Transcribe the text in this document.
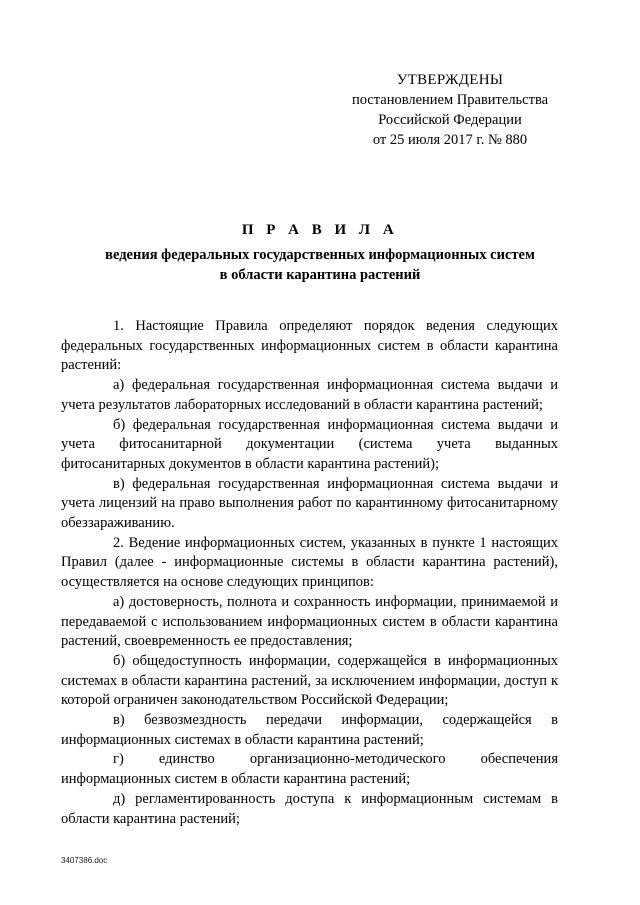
УТВЕРЖДЕНЫ
постановлением Правительства
Российской Федерации
от 25 июля 2017 г. № 880
П Р А В И Л А
ведения федеральных государственных информационных систем
в области карантина растений

1. Настоящие Правила определяют порядок ведения следующих федеральных государственных информационных систем в области карантина растений:

а) федеральная государственная информационная система выдачи и учета результатов лабораторных исследований в области карантина растений;

б) федеральная государственная информационная система выдачи и учета фитосанитарной документации (система учета выданных фитосанитарных документов в области карантина растений);

в) федеральная государственная информационная система выдачи и учета лицензий на право выполнения работ по карантинному фитосанитарному обеззараживанию.

2. Ведение информационных систем, указанных в пункте 1 настоящих Правил (далее - информационные системы в области карантина растений), осуществляется на основе следующих принципов:

а) достоверность, полнота и сохранность информации, принимаемой и передаваемой с использованием информационных систем в области карантина растений, своевременность ее предоставления;

б) общедоступность информации, содержащейся в информационных системах в области карантина растений, за исключением информации, доступ к которой ограничен законодательством Российской Федерации;

в) безвозмездность передачи информации, содержащейся в информационных системах в области карантина растений;

г) единство организационно-методического обеспечения информационных систем в области карантина растений;

д) регламентированность доступа к информационным системам в области карантина растений;

3407386.doc
